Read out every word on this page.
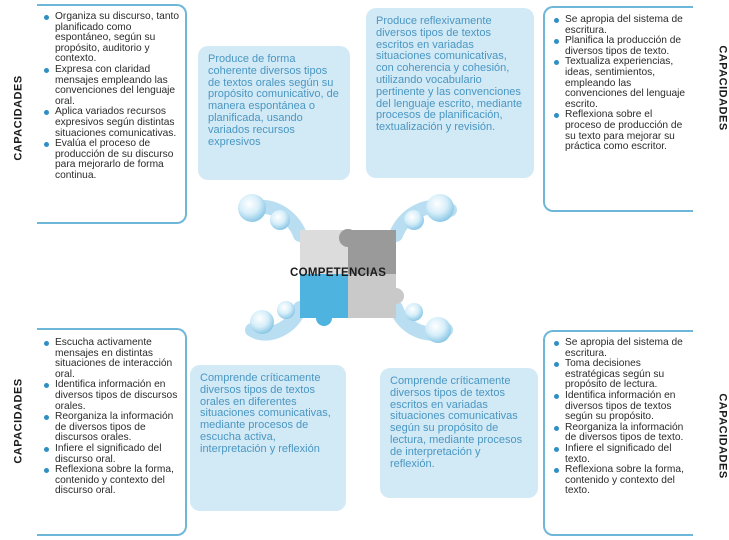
CAPACIDADES
CAPACIDADES
CAPACIDADES
CAPACIDADES
Organiza su discurso, tanto planificado como espontáneo, según su propósito, auditorio y contexto.
Expresa con claridad mensajes empleando las convenciones del lenguaje oral.
Aplica variados recursos expresivos según distintas situaciones comunicativas.
Evalúa el proceso de producción de su discurso para mejorarlo de forma continua.
Se apropia del sistema de escritura.
Planifica la producción de diversos tipos de texto.
Textualiza experiencias, ideas, sentimientos, empleando las convenciones del lenguaje escrito.
Reflexiona sobre el proceso de producción de su texto para mejorar su práctica como escritor.
Escucha activamente mensajes en distintas situaciones de interacción oral.
Identifica información en diversos tipos de discursos orales.
Reorganiza la información de diversos tipos de discursos orales.
Infiere el significado del discurso oral.
Reflexiona sobre la forma, contenido y contexto del discurso oral.
Se apropia del sistema de escritura.
Toma decisiones estratégicas según su propósito de lectura.
Identifica información en diversos tipos de textos según su propósito.
Reorganiza la información de diversos tipos de texto.
Infiere el significado del texto.
Reflexiona sobre la forma, contenido y contexto del texto.
Produce de forma coherente diversos tipos de textos orales según su propósito comunicativo, de manera espontánea o planificada, usando variados recursos expresivos
Produce reflexivamente diversos tipos de textos escritos en variadas situaciones comunicativas, con coherencia y cohesión, utilizando vocabulario pertinente y las convenciones del lenguaje escrito, mediante procesos de planificación, textualización y revisión.
Comprende críticamente diversos tipos de textos orales en diferentes situaciones comunicativas, mediante procesos de escucha activa, interpretación y reflexión
Comprende críticamente diversos tipos de textos escritos en variadas situaciones comunicativas según su propósito de lectura, mediante procesos de interpretación y reflexión.
COMPETENCIAS
